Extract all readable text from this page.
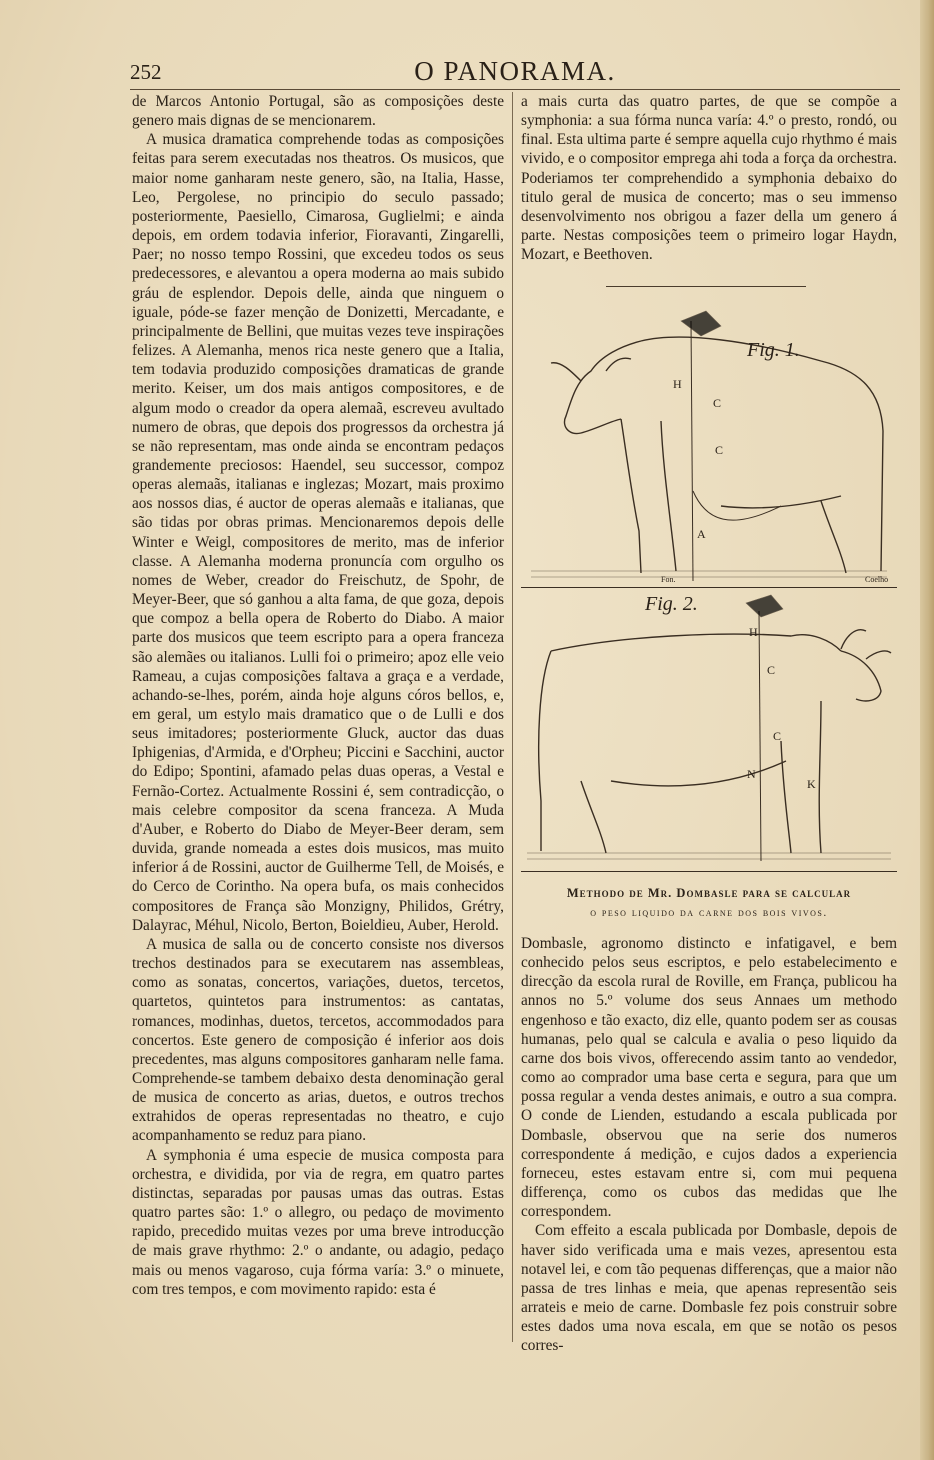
252	O PANORAMA.

de Marcos Antonio Portugal, são as composições deste genero mais dignas de se mencionarem.

A musica dramatica comprehende todas as composições feitas para serem executadas nos theatros. Os musicos, que maior nome ganharam neste genero, são, na Italia, Hasse, Leo, Pergolese, no principio do seculo passado; posteriormente, Paesiello, Cimarosa, Guglielmi; e ainda depois, em ordem todavia inferior, Fioravanti, Zingarelli, Paer; no nosso tempo Rossini, que excedeu todos os seus predecessores, e alevantou a opera moderna ao mais subido gráu de esplendor. Depois delle, ainda que ninguem o iguale, póde-se fazer menção de Donizetti, Mercadante, e principalmente de Bellini, que muitas vezes teve inspirações felizes. A Alemanha, menos rica neste genero que a Italia, tem todavia produzido composições dramaticas de grande merito. Keiser, um dos mais antigos compositores, e de algum modo o creador da opera alemaã, escreveu avultado numero de obras, que depois dos progressos da orchestra já se não representam, mas onde ainda se encontram pedaços grandemente preciosos: Haendel, seu successor, compoz operas alemaãs, italianas e inglezas; Mozart, mais proximo aos nossos dias, é auctor de operas alemaãs e italianas, que são tidas por obras primas. Mencionaremos depois delle Winter e Weigl, compositores de merito, mas de inferior classe. A Alemanha moderna pronuncía com orgulho os nomes de Weber, creador do Freischutz, de Spohr, de Meyer-Beer, que só ganhou a alta fama, de que goza, depois que compoz a bella opera de Roberto do Diabo. A maior parte dos musicos que teem escripto para a opera franceza são alemães ou italianos. Lulli foi o primeiro; apoz elle veio Rameau, a cujas composições faltava a graça e a verdade, achando-se-lhes, porém, ainda hoje alguns córos bellos, e, em geral, um estylo mais dramatico que o de Lulli e dos seus imitadores; posteriormente Gluck, auctor das duas Iphigenias, d'Armida, e d'Orpheu; Piccini e Sacchini, auctor do Edipo; Spontini, afamado pelas duas operas, a Vestal e Fernão-Cortez. Actualmente Rossini é, sem contradicção, o mais celebre compositor da scena franceza. A Muda d'Auber, e Roberto do Diabo de Meyer-Beer deram, sem duvida, grande nomeada a estes dois musicos, mas muito inferior á de Rossini, auctor de Guilherme Tell, de Moisés, e do Cerco de Corintho. Na opera bufa, os mais conhecidos compositores de França são Monzigny, Philidos, Grétry, Dalayrac, Méhul, Nicolo, Berton, Boieldieu, Auber, Herold.

A musica de salla ou de concerto consiste nos diversos trechos destinados para se executarem nas assembleas, como as sonatas, concertos, variações, duetos, tercetos, quartetos, quintetos para instrumentos: as cantatas, romances, modinhas, duetos, tercetos, accommodados para concertos. Este genero de composição é inferior aos dois precedentes, mas alguns compositores ganharam nelle fama. Comprehende-se tambem debaixo desta denominação geral de musica de concerto as arias, duetos, e outros trechos extrahidos de operas representadas no theatro, e cujo acompanhamento se reduz para piano.

A symphonia é uma especie de musica composta para orchestra, e dividida, por via de regra, em quatro partes distinctas, separadas por pausas umas das outras. Estas quatro partes são: 1.º o allegro, ou pedaço de movimento rapido, precedido muitas vezes por uma breve introducção de mais grave rhythmo: 2.º o andante, ou adagio, pedaço mais ou menos vagaroso, cuja fórma varía: 3.º o minuete, com tres tempos, e com movimento rapido: esta é

a mais curta das quatro partes, de que se compõe a symphonia: a sua fórma nunca varía: 4.º o presto, rondó, ou final. Esta ultima parte é sempre aquella cujo rhythmo é mais vivido, e o compositor emprega ahi toda a força da orchestra. Poderiamos ter comprehendido a symphonia debaixo do titulo geral de musica de concerto; mas o seu immenso desenvolvimento nos obrigou a fazer della um genero á parte. Nestas composições teem o primeiro logar Haydn, Mozart, e Beethoven.

Fig. 1.
H
C
C
A
Fon.	Coelho
Fig. 2.
H
C
C
N
K
Methodo de Mr. Dombasle para se calcular
o peso liquido da carne dos bois vivos.

Dombasle, agronomo distincto e infatigavel, e bem conhecido pelos seus escriptos, e pelo estabelecimento e direcção da escola rural de Roville, em França, publicou ha annos no 5.º volume dos seus Annaes um methodo engenhoso e tão exacto, diz elle, quanto podem ser as cousas humanas, pelo qual se calcula e avalia o peso liquido da carne dos bois vivos, offerecendo assim tanto ao vendedor, como ao comprador uma base certa e segura, para que um possa regular a venda destes animais, e outro a sua compra. O conde de Lienden, estudando a escala publicada por Dombasle, observou que na serie dos numeros correspondente á medição, e cujos dados a experiencia forneceu, estes estavam entre si, com mui pequena differença, como os cubos das medidas que lhe correspondem.

Com effeito a escala publicada por Dombasle, depois de haver sido verificada uma e mais vezes, apresentou esta notavel lei, e com tão pequenas differenças, que a maior não passa de tres linhas e meia, que apenas representão seis arrateis e meio de carne. Dombasle fez pois construir sobre estes dados uma nova escala, em que se notão os pesos corres-
